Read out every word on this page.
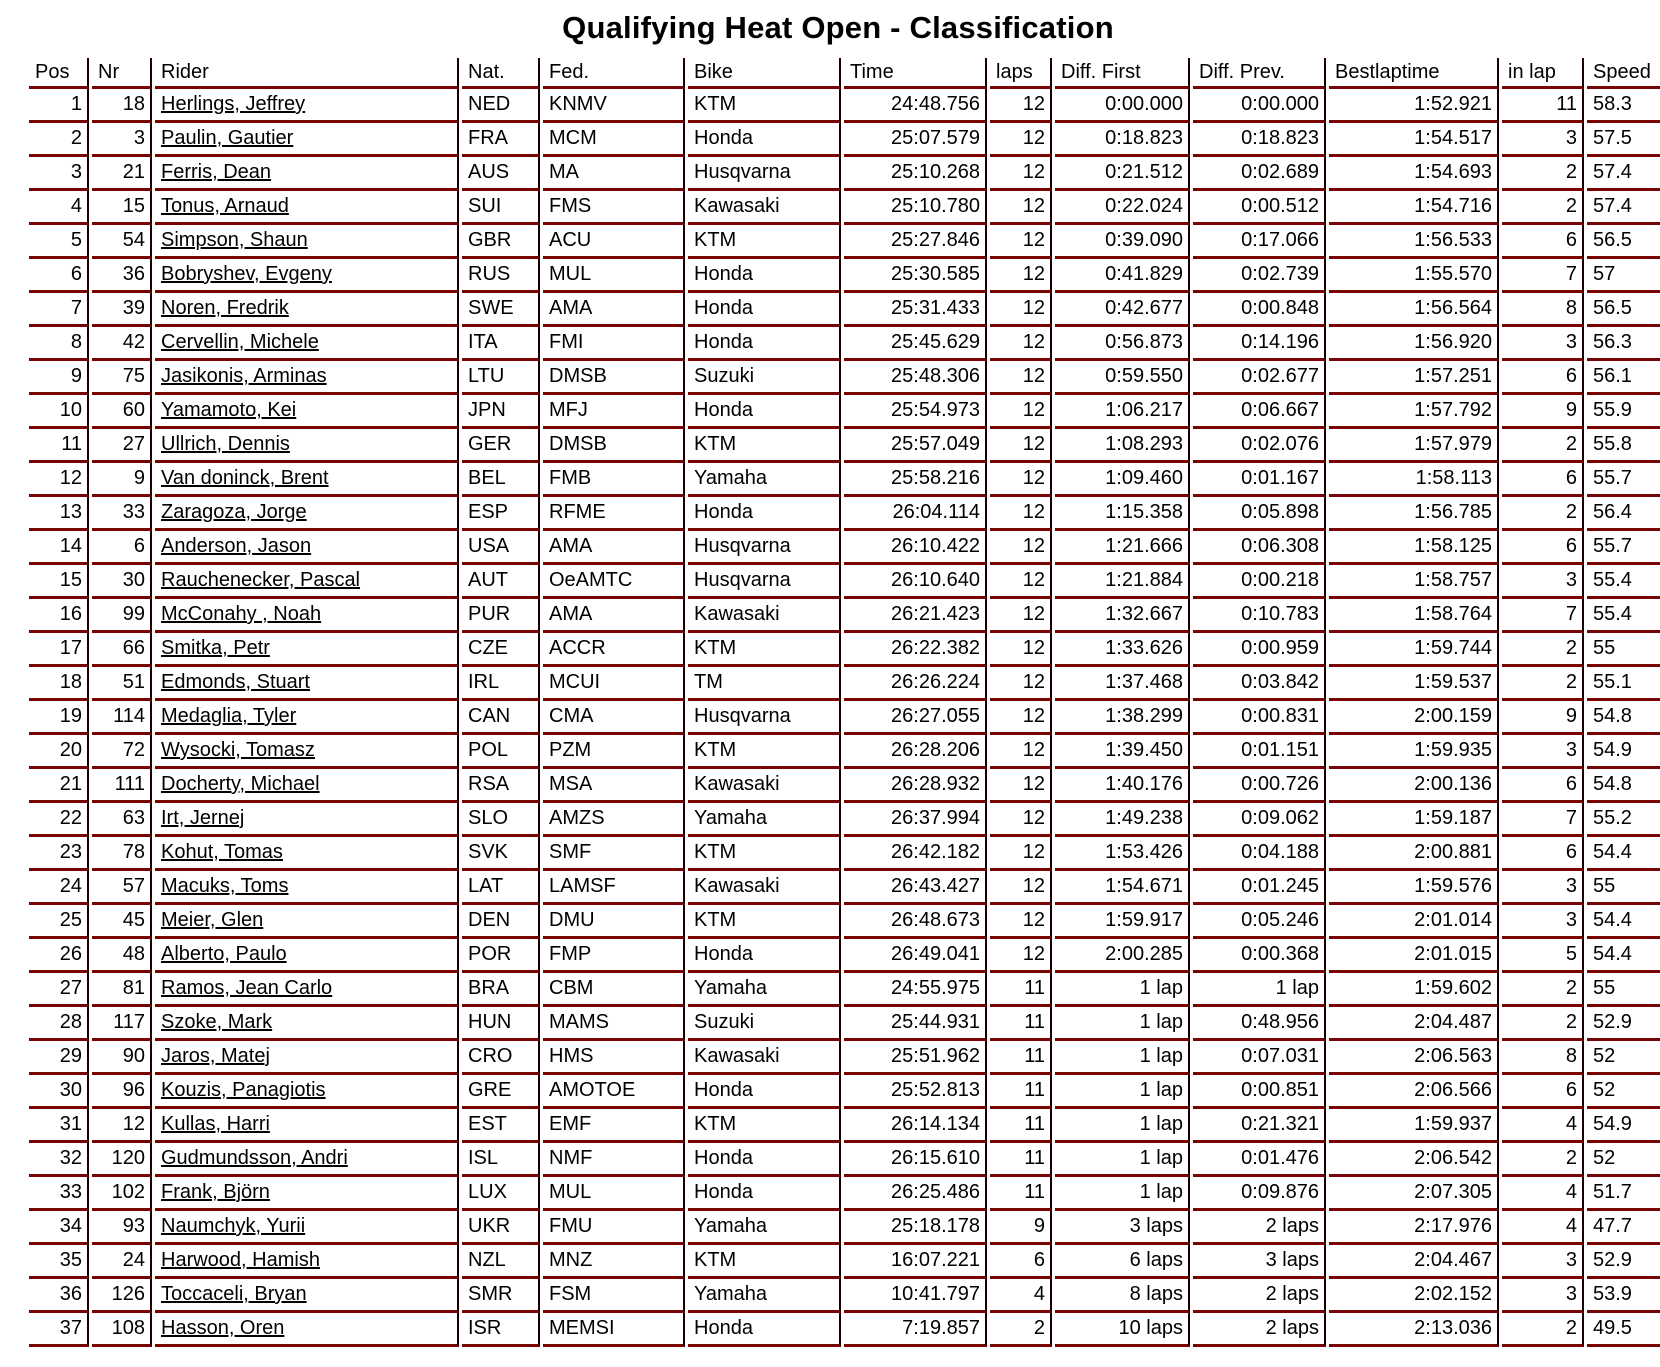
Qualifying Heat Open - Classification
Pos	Nr	Rider	Nat.	Fed.	Bike	Time	laps	Diff. First	Diff. Prev.	Bestlaptime	in lap	Speed
1	18	Herlings, Jeffrey	NED	KNMV	KTM	24:48.756	12	0:00.000	0:00.000	1:52.921	11	58.3
2	3	Paulin, Gautier	FRA	MCM	Honda	25:07.579	12	0:18.823	0:18.823	1:54.517	3	57.5
3	21	Ferris, Dean	AUS	MA	Husqvarna	25:10.268	12	0:21.512	0:02.689	1:54.693	2	57.4
4	15	Tonus, Arnaud	SUI	FMS	Kawasaki	25:10.780	12	0:22.024	0:00.512	1:54.716	2	57.4
5	54	Simpson, Shaun	GBR	ACU	KTM	25:27.846	12	0:39.090	0:17.066	1:56.533	6	56.5
6	36	Bobryshev, Evgeny	RUS	MUL	Honda	25:30.585	12	0:41.829	0:02.739	1:55.570	7	57
7	39	Noren, Fredrik	SWE	AMA	Honda	25:31.433	12	0:42.677	0:00.848	1:56.564	8	56.5
8	42	Cervellin, Michele	ITA	FMI	Honda	25:45.629	12	0:56.873	0:14.196	1:56.920	3	56.3
9	75	Jasikonis, Arminas	LTU	DMSB	Suzuki	25:48.306	12	0:59.550	0:02.677	1:57.251	6	56.1
10	60	Yamamoto, Kei	JPN	MFJ	Honda	25:54.973	12	1:06.217	0:06.667	1:57.792	9	55.9
11	27	Ullrich, Dennis	GER	DMSB	KTM	25:57.049	12	1:08.293	0:02.076	1:57.979	2	55.8
12	9	Van doninck, Brent	BEL	FMB	Yamaha	25:58.216	12	1:09.460	0:01.167	1:58.113	6	55.7
13	33	Zaragoza, Jorge	ESP	RFME	Honda	26:04.114	12	1:15.358	0:05.898	1:56.785	2	56.4
14	6	Anderson, Jason	USA	AMA	Husqvarna	26:10.422	12	1:21.666	0:06.308	1:58.125	6	55.7
15	30	Rauchenecker, Pascal	AUT	OeAMTC	Husqvarna	26:10.640	12	1:21.884	0:00.218	1:58.757	3	55.4
16	99	McConahy , Noah	PUR	AMA	Kawasaki	26:21.423	12	1:32.667	0:10.783	1:58.764	7	55.4
17	66	Smitka, Petr	CZE	ACCR	KTM	26:22.382	12	1:33.626	0:00.959	1:59.744	2	55
18	51	Edmonds, Stuart	IRL	MCUI	TM	26:26.224	12	1:37.468	0:03.842	1:59.537	2	55.1
19	114	Medaglia, Tyler	CAN	CMA	Husqvarna	26:27.055	12	1:38.299	0:00.831	2:00.159	9	54.8
20	72	Wysocki, Tomasz	POL	PZM	KTM	26:28.206	12	1:39.450	0:01.151	1:59.935	3	54.9
21	111	Docherty, Michael	RSA	MSA	Kawasaki	26:28.932	12	1:40.176	0:00.726	2:00.136	6	54.8
22	63	Irt, Jernej	SLO	AMZS	Yamaha	26:37.994	12	1:49.238	0:09.062	1:59.187	7	55.2
23	78	Kohut, Tomas	SVK	SMF	KTM	26:42.182	12	1:53.426	0:04.188	2:00.881	6	54.4
24	57	Macuks, Toms	LAT	LAMSF	Kawasaki	26:43.427	12	1:54.671	0:01.245	1:59.576	3	55
25	45	Meier, Glen	DEN	DMU	KTM	26:48.673	12	1:59.917	0:05.246	2:01.014	3	54.4
26	48	Alberto, Paulo	POR	FMP	Honda	26:49.041	12	2:00.285	0:00.368	2:01.015	5	54.4
27	81	Ramos, Jean Carlo	BRA	CBM	Yamaha	24:55.975	11	1 lap	1 lap	1:59.602	2	55
28	117	Szoke, Mark	HUN	MAMS	Suzuki	25:44.931	11	1 lap	0:48.956	2:04.487	2	52.9
29	90	Jaros, Matej	CRO	HMS	Kawasaki	25:51.962	11	1 lap	0:07.031	2:06.563	8	52
30	96	Kouzis, Panagiotis	GRE	AMOTOE	Honda	25:52.813	11	1 lap	0:00.851	2:06.566	6	52
31	12	Kullas, Harri	EST	EMF	KTM	26:14.134	11	1 lap	0:21.321	1:59.937	4	54.9
32	120	Gudmundsson, Andri	ISL	NMF	Honda	26:15.610	11	1 lap	0:01.476	2:06.542	2	52
33	102	Frank, Björn	LUX	MUL	Honda	26:25.486	11	1 lap	0:09.876	2:07.305	4	51.7
34	93	Naumchyk, Yurii	UKR	FMU	Yamaha	25:18.178	9	3 laps	2 laps	2:17.976	4	47.7
35	24	Harwood, Hamish	NZL	MNZ	KTM	16:07.221	6	6 laps	3 laps	2:04.467	3	52.9
36	126	Toccaceli, Bryan	SMR	FSM	Yamaha	10:41.797	4	8 laps	2 laps	2:02.152	3	53.9
37	108	Hasson, Oren	ISR	MEMSI	Honda	7:19.857	2	10 laps	2 laps	2:13.036	2	49.5
